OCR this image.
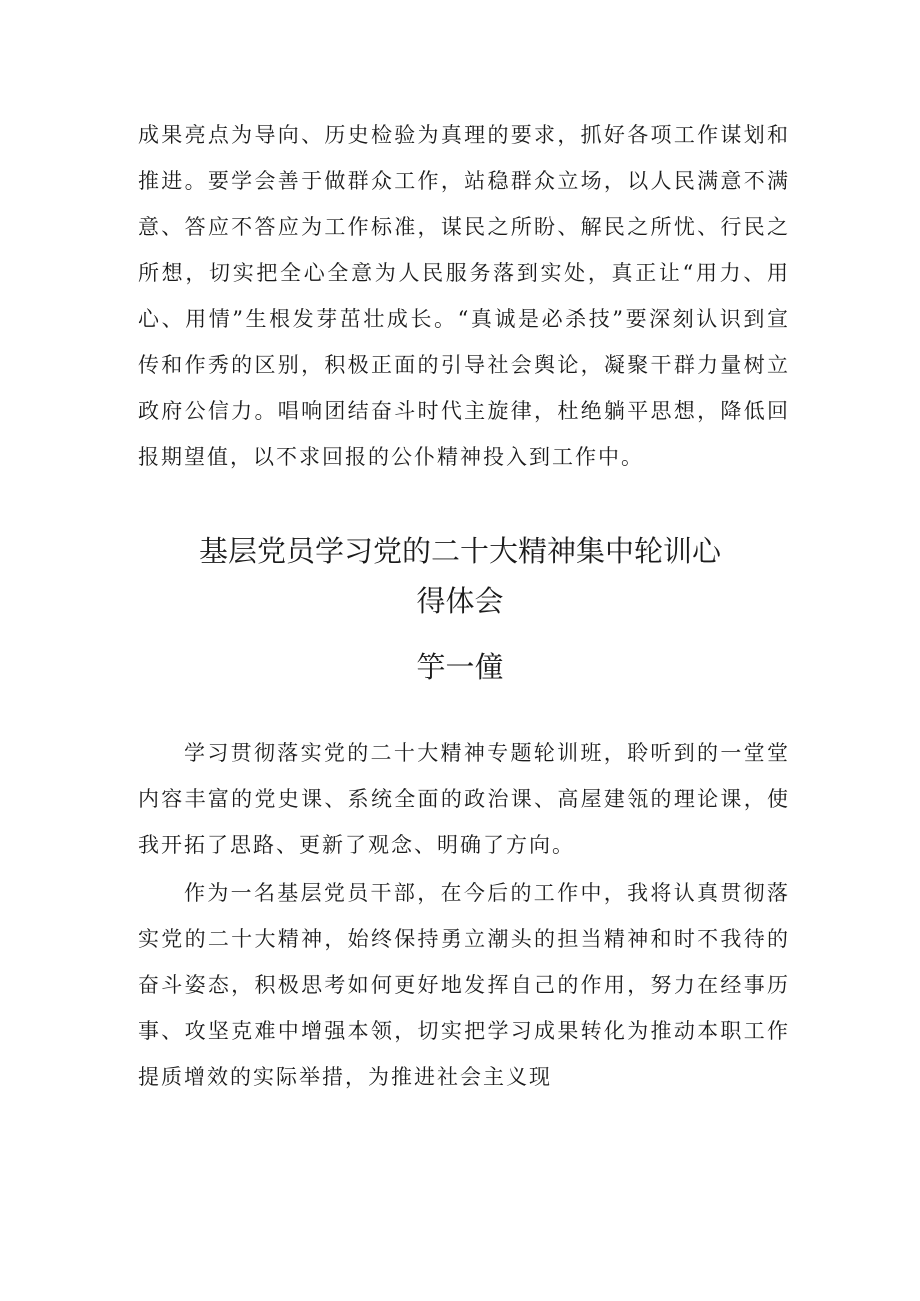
成果亮点为导向、历史检验为真理的要求，抓好各项工作谋划和推进。要学会善于做群众工作，站稳群众立场，以人民满意不满意、答应不答应为工作标准，谋民之所盼、解民之所忧、行民之所想，切实把全心全意为人民服务落到实处，真正让“用力、用心、用情”生根发芽茁壮成长。“真诚是必杀技”要深刻认识到宣传和作秀的区别，积极正面的引导社会舆论，凝聚干群力量树立政府公信力。唱响团结奋斗时代主旋律，杜绝躺平思想，降低回报期望值，以不求回报的公仆精神投入到工作中。

基层党员学习党的二十大精神集中轮训心
得体会
竽一僮

学习贯彻落实党的二十大精神专题轮训班，聆听到的一堂堂内容丰富的党史课、系统全面的政治课、高屋建瓴的理论课，使我开拓了思路、更新了观念、明确了方向。

作为一名基层党员干部，在今后的工作中，我将认真贯彻落实党的二十大精神，始终保持勇立潮头的担当精神和时不我待的奋斗姿态，积极思考如何更好地发挥自己的作用，努力在经事历事、攻坚克难中增强本领，切实把学习成果转化为推动本职工作提质增效的实际举措，为推进社会主义现
